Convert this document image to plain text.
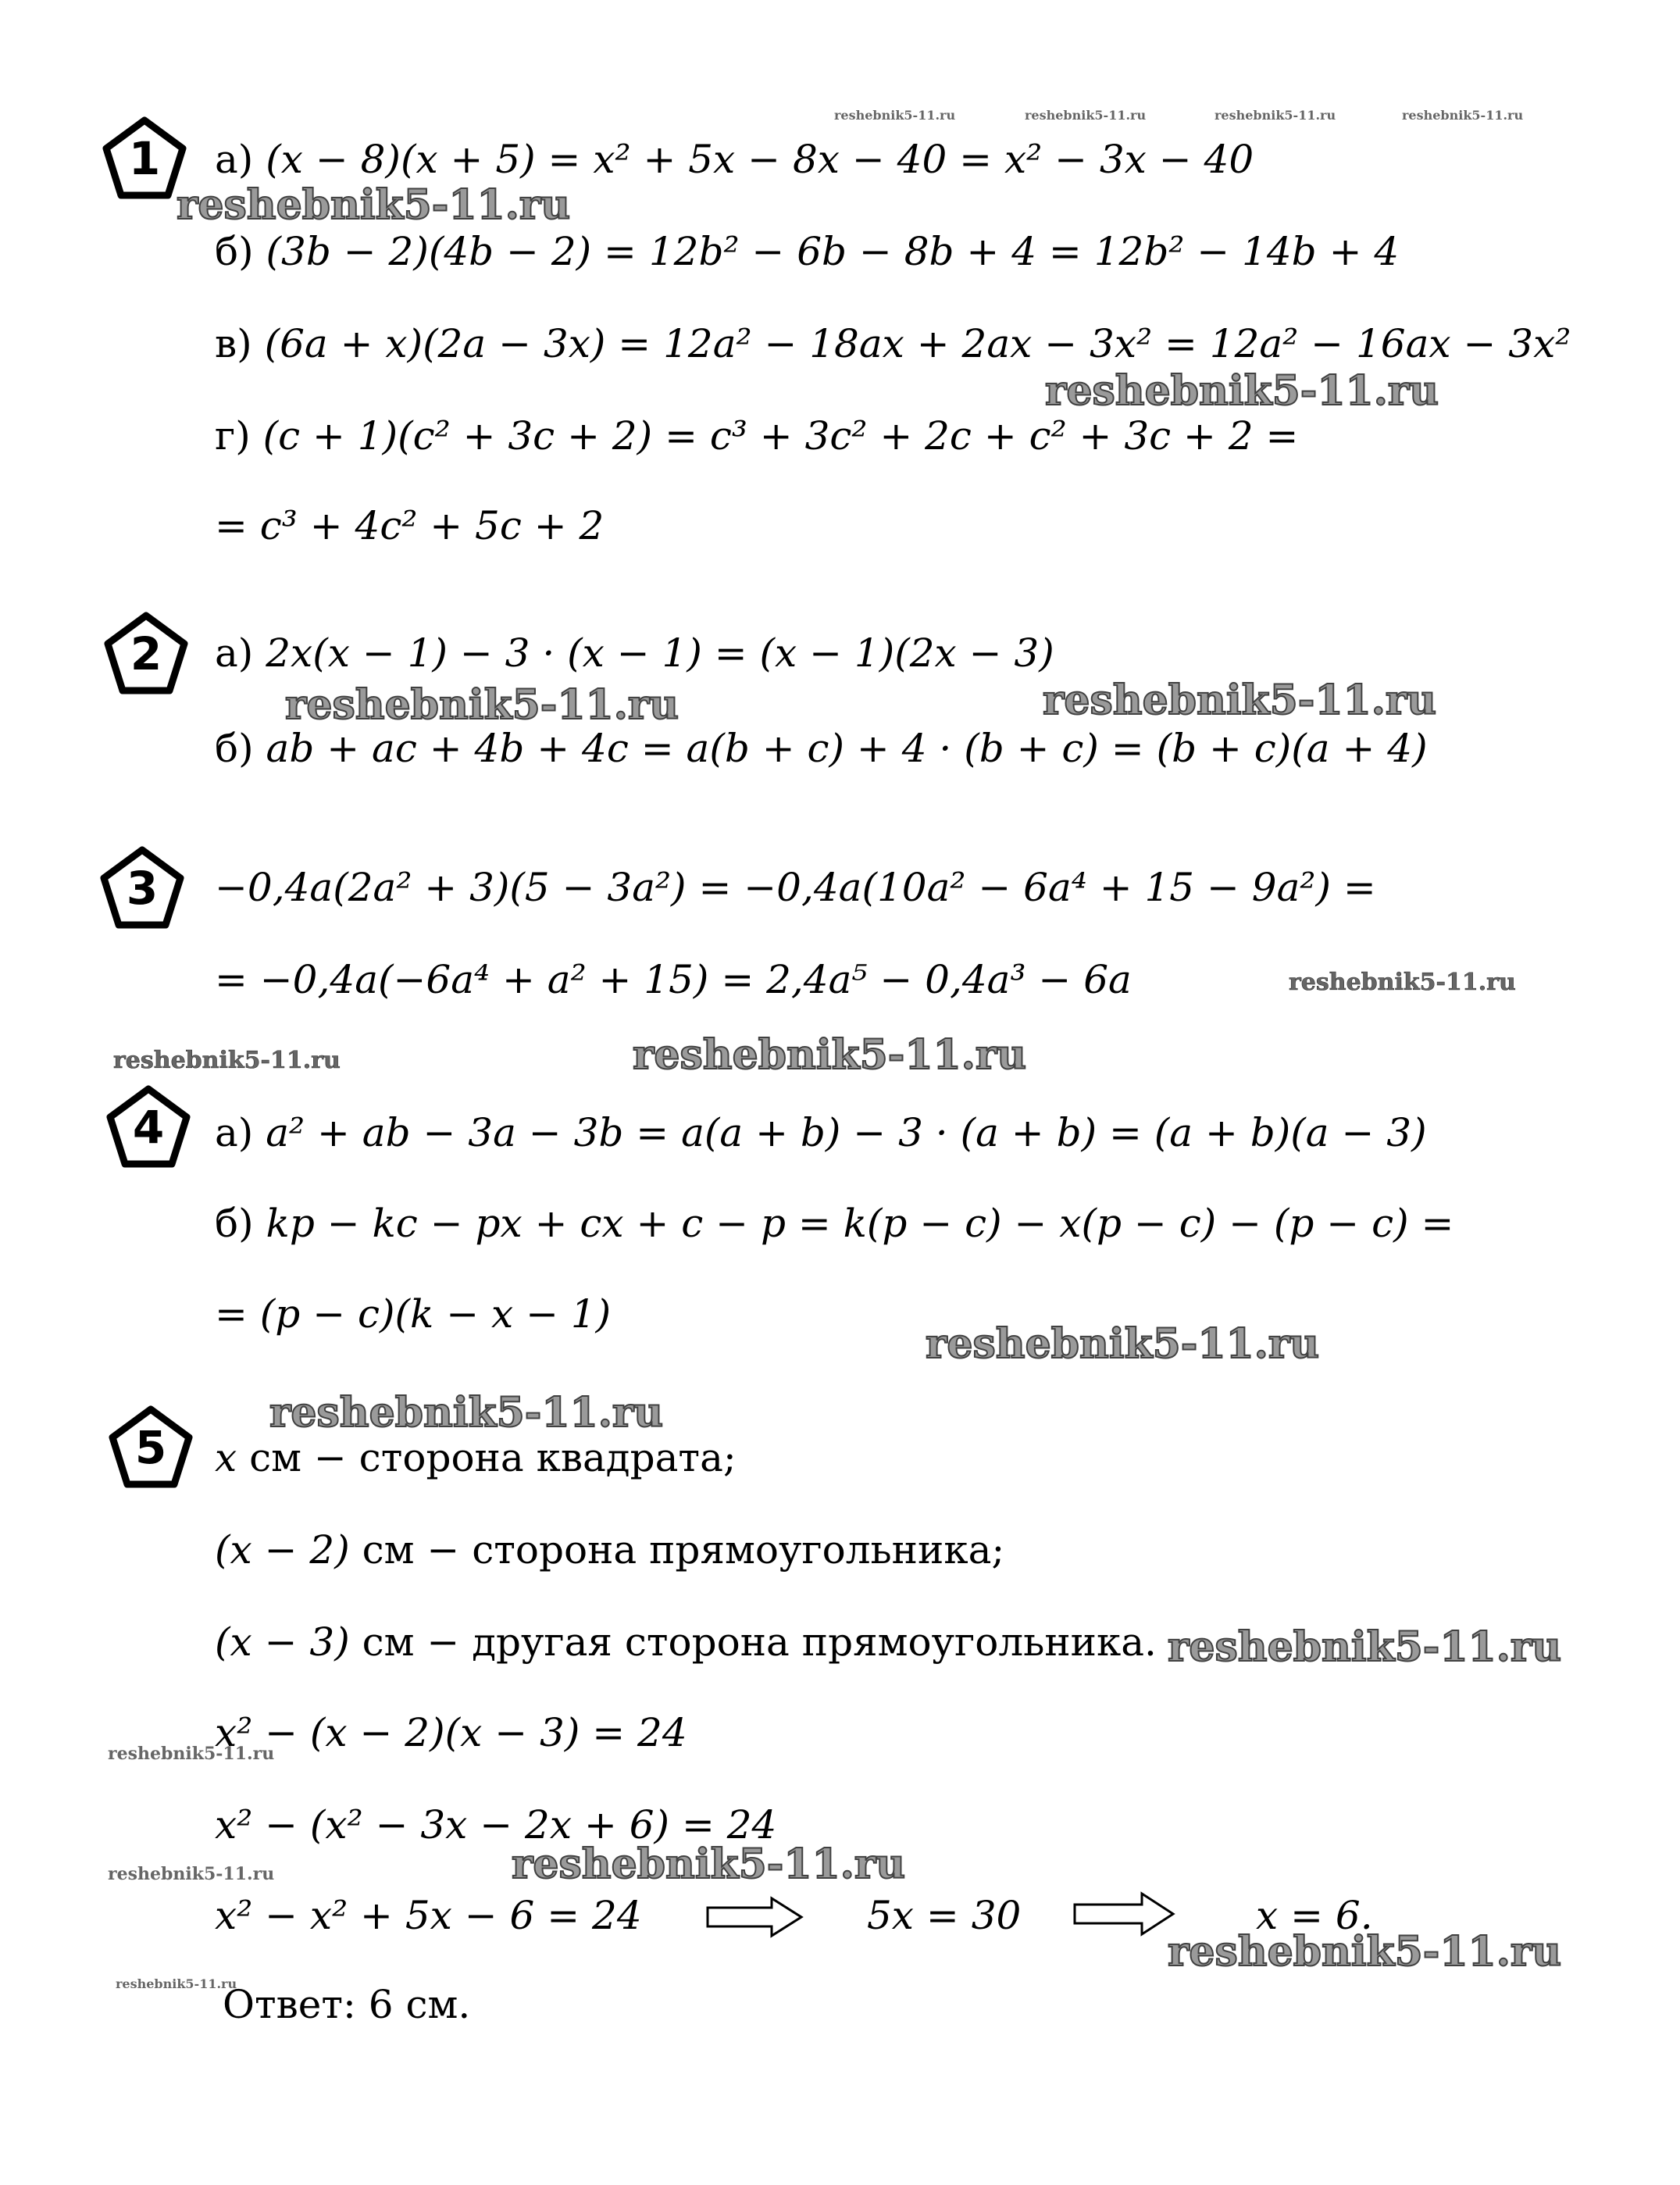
reshebnik5-11.ru	reshebnik5-11.ru	reshebnik5-11.ru	reshebnik5-11.ru
1	а) (x − 8)(x + 5) = x² + 5x − 8x − 40 = x² − 3x − 40
reshebnik5-11.ru
б) (3b − 2)(4b − 2) = 12b² − 6b − 8b + 4 = 12b² − 14b + 4
в) (6a + x)(2a − 3x) = 12a² − 18ax + 2ax − 3x² = 12a² − 16ax − 3x²
reshebnik5-11.ru
г) (c + 1)(c² + 3c + 2) = c³ + 3c² + 2c + c² + 3c + 2 =
= c³ + 4c² + 5c + 2
2	а) 2x(x − 1) − 3 · (x − 1) = (x − 1)(2x − 3)
reshebnik5-11.ru	reshebnik5-11.ru
б) ab + ac + 4b + 4c = a(b + c) + 4 · (b + c) = (b + c)(a + 4)
3	−0,4a(2a² + 3)(5 − 3a²) = −0,4a(10a² − 6a⁴ + 15 − 9a²) =
= −0,4a(−6a⁴ + a² + 15) = 2,4a⁵ − 0,4a³ − 6a	reshebnik5-11.ru
reshebnik5-11.ru	reshebnik5-11.ru
4	а) a² + ab − 3a − 3b = a(a + b) − 3 · (a + b) = (a + b)(a − 3)
б) kp − kc − px + cx + c − p = k(p − c) − x(p − c) − (p − c) =
= (p − c)(k − x − 1)
reshebnik5-11.ru
reshebnik5-11.ru
5	x см − сторона квадрата;
(x − 2) см − сторона прямоугольника;
(x − 3) см − другая сторона прямоугольника. reshebnik5-11.ru
x² − (x − 2)(x − 3) = 24
reshebnik5-11.ru
x² − (x² − 3x − 2x + 6) = 24
reshebnik5-11.ru	reshebnik5-11.ru
x² − x² + 5x − 6 = 24	5x = 30	x = 6.
reshebnik5-11.ru
reshebnik5-11.ru
Ответ: 6 см.
